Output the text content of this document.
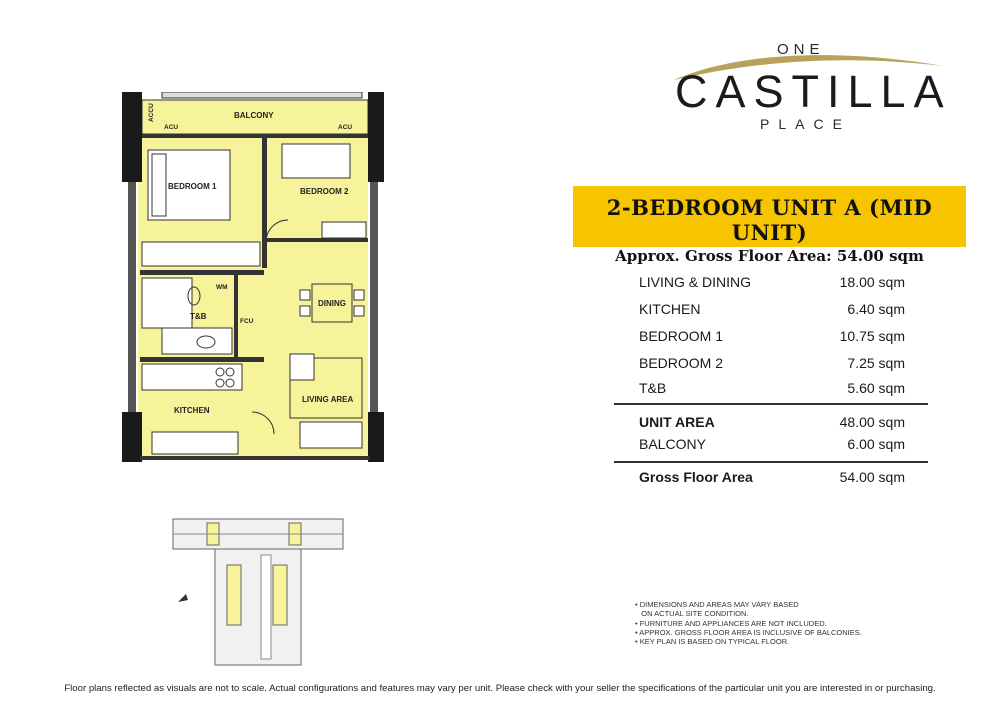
ONE
CASTILLA
PLACE
2-BEDROOM UNIT A (MID UNIT)
Approx. Gross Floor Area: 54.00 sqm
LIVING & DINING	18.00 sqm
KITCHEN	6.40 sqm
BEDROOM 1	10.75 sqm
BEDROOM 2	7.25 sqm
T&B	5.60 sqm
UNIT AREA	48.00 sqm
BALCONY	6.00 sqm
Gross Floor Area	54.00 sqm
BALCONY
ACCU
ACU	ACU
BEDROOM 1
BEDROOM 2
WM
T&B
FCU
DINING
LIVING AREA
KITCHEN
• DIMENSIONS AND AREAS MAY VARY BASED
ON ACTUAL SITE CONDITION.
• FURNITURE AND APPLIANCES ARE NOT INCLUDED.
• APPROX. GROSS FLOOR AREA IS INCLUSIVE OF BALCONIES.
• KEY PLAN IS BASED ON TYPICAL FLOOR.
Floor plans reflected as visuals are not to scale. Actual configurations and features may vary per unit. Please check with your seller the specifications of the particular unit you are interested in or purchasing.
